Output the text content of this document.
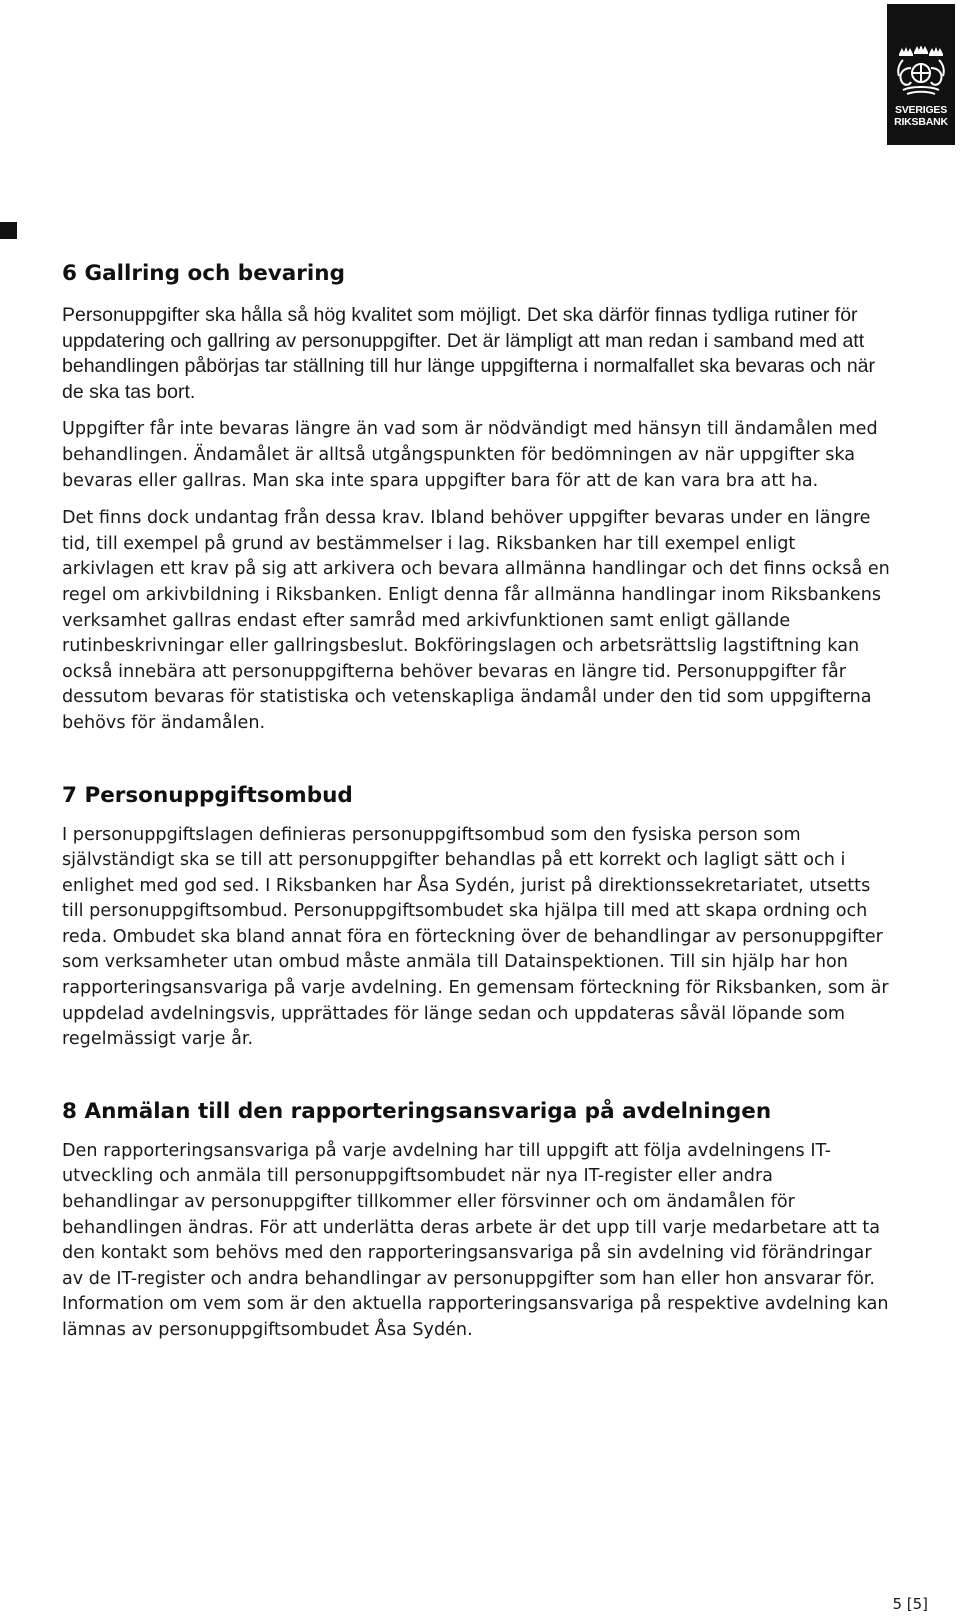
SVERIGES
RIKSBANK
6 Gallring och bevaring

Personuppgifter ska hålla så hög kvalitet som möjligt. Det ska därför finnas tydliga rutiner för uppdatering och gallring av personuppgifter. Det är lämpligt att man redan i samband med att behandlingen påbörjas tar ställning till hur länge uppgifterna i normalfallet ska bevaras och när de ska tas bort.

Uppgifter får inte bevaras längre än vad som är nödvändigt med hänsyn till ändamålen med behandlingen. Ändamålet är alltså utgångspunkten för bedömningen av när uppgifter ska bevaras eller gallras. Man ska inte spara uppgifter bara för att de kan vara bra att ha.

Det finns dock undantag från dessa krav. Ibland behöver uppgifter bevaras under en längre tid, till exempel på grund av bestämmelser i lag. Riksbanken har till exempel enligt arkivlagen ett krav på sig att arkivera och bevara allmänna handlingar och det finns också en regel om arkivbildning i Riksbanken. Enligt denna får allmänna handlingar inom Riksbankens verksamhet gallras endast efter samråd med arkivfunktionen samt enligt gällande rutinbeskrivningar eller gallringsbeslut. Bokföringslagen och arbetsrättslig lagstiftning kan också innebära att personuppgifterna behöver bevaras en längre tid. Personuppgifter får dessutom bevaras för statistiska och vetenskapliga ändamål under den tid som uppgifterna behövs för ändamålen.

7 Personuppgiftsombud

I personuppgiftslagen definieras personuppgiftsombud som den fysiska person som självständigt ska se till att personuppgifter behandlas på ett korrekt och lagligt sätt och i enlighet med god sed. I Riksbanken har Åsa Sydén, jurist på direktionssekretariatet, utsetts till personuppgiftsombud. Personuppgiftsombudet ska hjälpa till med att skapa ordning och reda. Ombudet ska bland annat föra en förteckning över de behandlingar av personuppgifter som verksamheter utan ombud måste anmäla till Datainspektionen. Till sin hjälp har hon rapporteringsansvariga på varje avdelning. En gemensam förteckning för Riksbanken, som är uppdelad avdelningsvis, upprättades för länge sedan och uppdateras såväl löpande som regelmässigt varje år.

8 Anmälan till den rapporteringsansvariga på avdelningen

Den rapporteringsansvariga på varje avdelning har till uppgift att följa avdelningens IT-utveckling och anmäla till personuppgiftsombudet när nya IT-register eller andra behandlingar av personuppgifter tillkommer eller försvinner och om ändamålen för behandlingen ändras. För att underlätta deras arbete är det upp till varje medarbetare att ta den kontakt som behövs med den rapporteringsansvariga på sin avdelning vid förändringar av de IT-register och andra behandlingar av personuppgifter som han eller hon ansvarar för. Information om vem som är den aktuella rapporteringsansvariga på respektive avdelning kan lämnas av personuppgiftsombudet Åsa Sydén.

5 [5]
